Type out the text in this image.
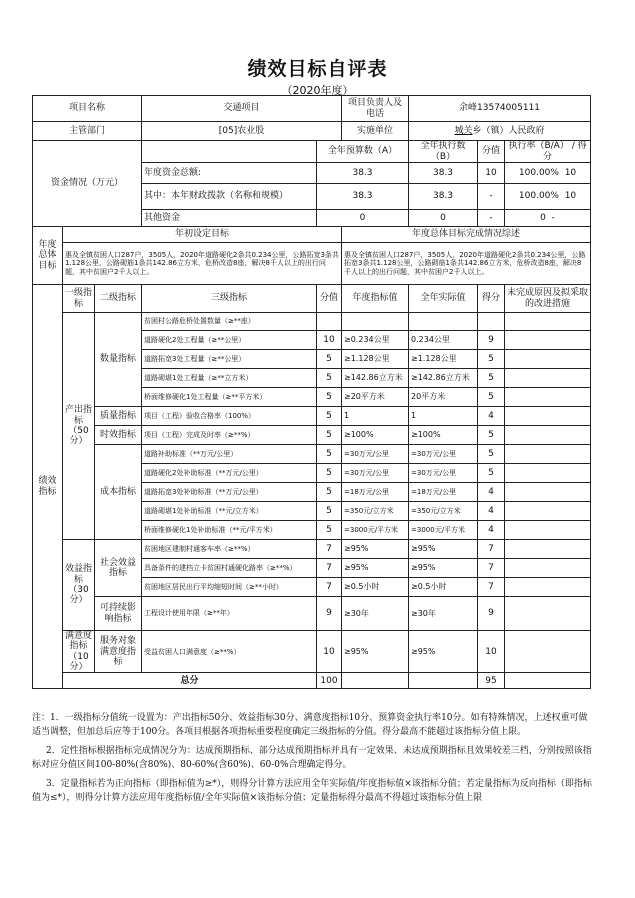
绩效目标自评表
（2020年度）
项目名称			交通项目		项目负责人及电话	余峰13574005111		
主管部门			[05]农业股		实施单位	城关乡（镇）人民政府		
资金情况（万元）				全年预算数（A）		全年执行数（B）	分值	执行率（B/A） / 得分
			年度资金总额:	38.3		38.3	10	100.00% 10
			其中：本年财政拨款（名称和规模）	38.3		38.3	-	100.00% 10
			其他资金	0		0	-	0 -
年度总体目标	年初设定目标				年度总体目标完成情况综述			
	惠及全镇贫困人口287户，3505人，2020年道路硬化2条共0.234公里，公路拓宽3条共1.128公里，公路砌筋1条共142.86立方米，危桥改造8座，解决8千人以上的出行问题，其中贫困户2千人以上。				惠及全镇贫困人口287户，3505人，2020年道路硬化2条共0.234公里，公路拓宽3条共1.128公里，公路砌筋1条共142.86立方米，危桥改造8座，解决8千人以上的出行问题，其中贫困户2千人以上。			
绩效指标	一级指标	二级指标	三级指标	分值	年度指标值	全年实际值	得分	未完成原因及拟采取的改进措施
	产出指标（50分）	数量指标	贫困村公路危桥处置数量（≥**座）					
			道路硬化2处工程量（≥**公里）	10	≥0.234公里	0.234公里	9	
			道路拓宽3处工程量（≥**公里）	5	≥1.128公里	≥1.128公里	5	
			道路砌堪1处工程量（≥**立方米）	5	≥142.86立方米	≥142.86立方米	5	
			桥面维修硬化1处工程量（≥**平方米）	5	≥20平方米	20平方米	5	
		质量指标	项目（工程）验收合格率（100%）	5	1	1	4	
		时效指标	项目（工程）完成及时率（≥**%）	5	≥100%	≥100%	5	
		成本指标	道路补助标准（**万元/公里）	5	=30万元/公里	=30万元/公里	5	
			道路硬化2处补助标准（**万元/公里）	5	=30万元/公里	=30万元/公里	5	
			道路拓宽3处补助标准（**万元/公里）	5	=18万元/公里	=18万元/公里	4	
			道路砌堪1处补助标准（**元/立方米）	5	=350元/立方米	=350元/立方米	4	
			桥面维修硬化1处补助标准（**元/平方米）	5	=3000元/平方米	=3000元/平方米	4	
	效益指标（30分）	社会效益指标	贫困地区建制村通客车率（≥**%）	7	≥95%	≥95%	7	
			具备条件的建档立卡贫困村通硬化路率（≥**%）	7	≥95%	≥95%	7	
			贫困地区居民出行平均缩短时间（≥**小时）	7	≥0.5小时	≥0.5小时	7	
		可持续影响指标	工程设计使用年限（≥**年）	9	≥30年	≥30年	9	
	满意度指标（10分）	服务对象满意度指标	受益贫困人口满意度（≥**%）	10	≥95%	≥95%	10	
	总分			100			95	

注：1．一级指标分值统一设置为：产出指标50分、效益指标30分、满意度指标10分、预算资金执行率10分。如有特殊情况，上述权重可做适当调整，但加总后应等于100分。各项目根据各项指标重要程度确定三级指标的分值。得分最高不能超过该指标分值上限。

2．定性指标根据指标完成情况分为：达成预期指标、部分达成预期指标并具有一定效果、未达成预期指标且效果较差三档，分别按照该指标对应分值区间100-80%(含80%)、80-60%(含60%)、60-0%合理确定得分。

3．定量指标若为正向指标（即指标值为≥*），则得分计算方法应用全年实际值/年度指标值×该指标分值；若定量指标为反向指标（即指标值为≤*），则得分计算方法应用年度指标值/全年实际值×该指标分值；定量指标得分最高不得超过该指标分值上限
